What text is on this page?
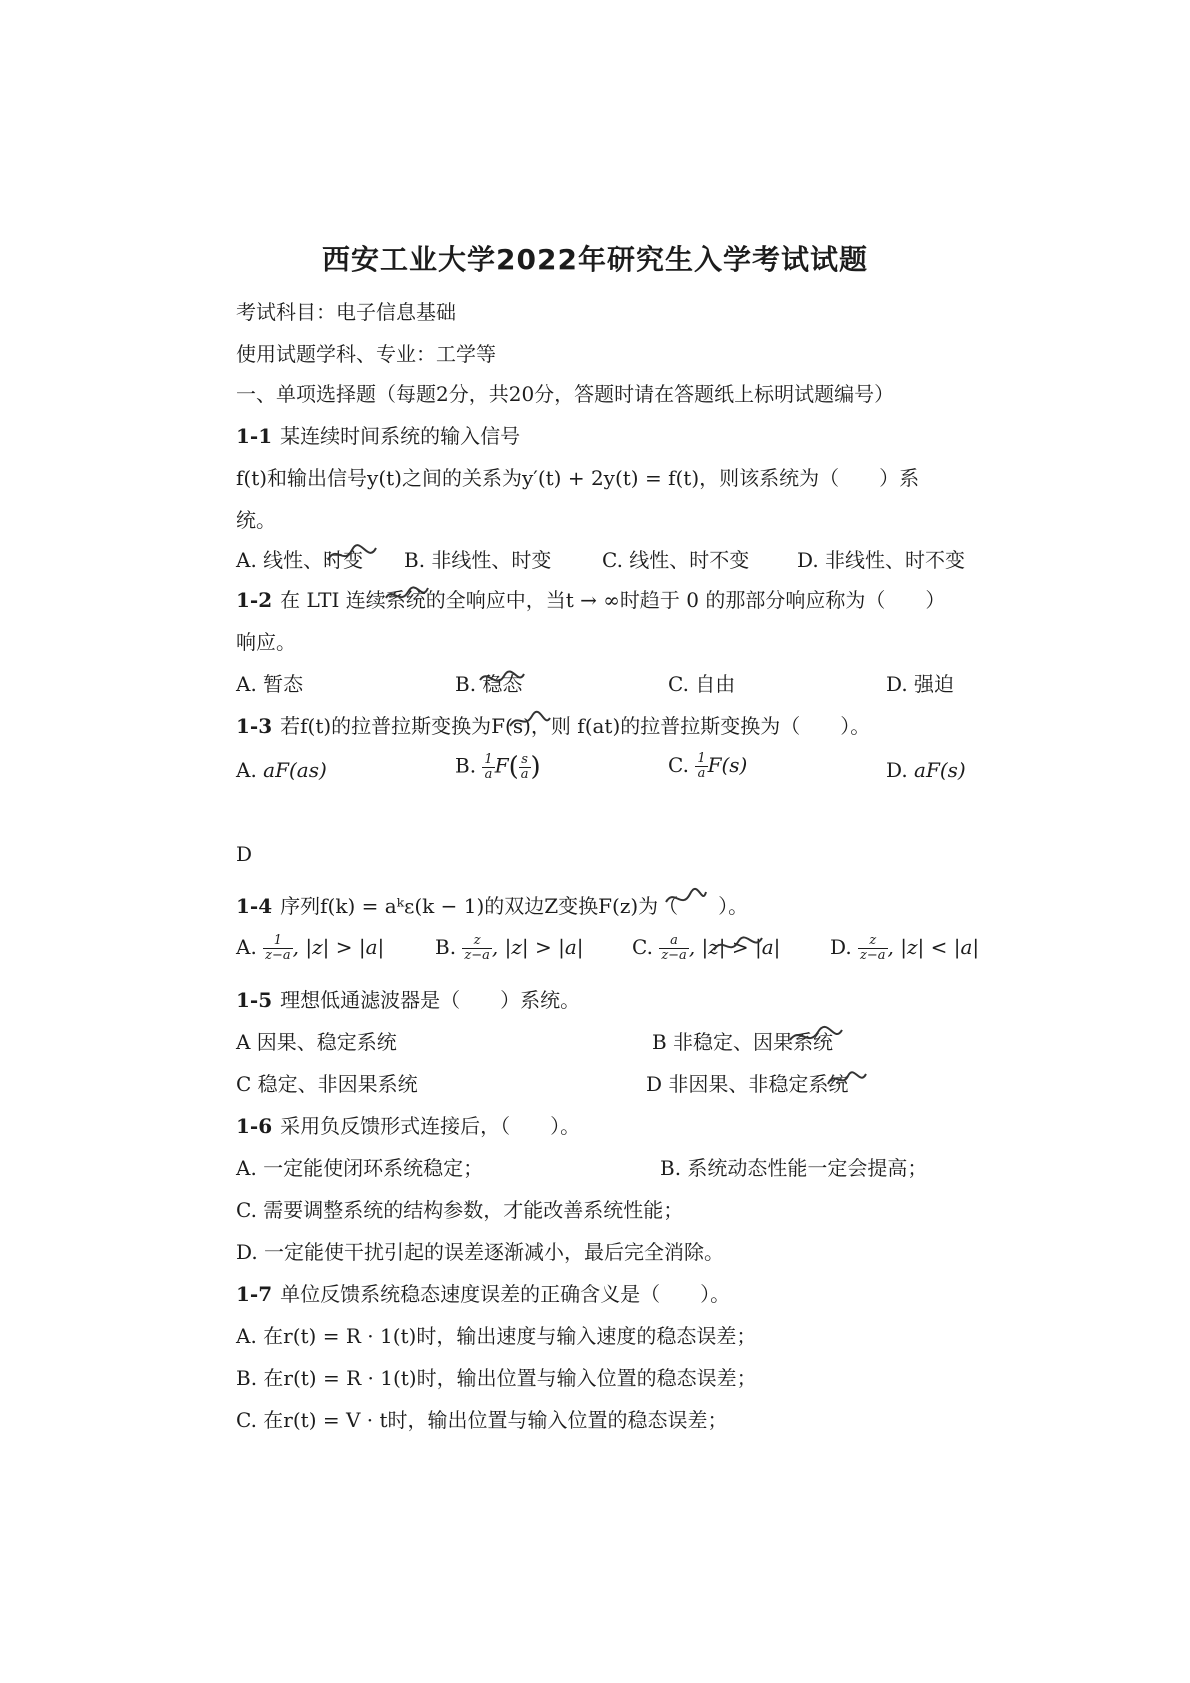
西安工业大学2022年研究生入学考试试题
考试科目：电子信息基础
使用试题学科、专业：工学等
一、单项选择题（每题2分，共20分，答题时请在答题纸上标明试题编号）
1-1 某连续时间系统的输入信号
f(t)和输出信号y(t)之间的关系为y′(t) + 2y(t) = f(t)，则该系统为（　　）系
统。
A. 线性、时变 B. 非线性、时变	C. 线性、时不变 D. 非线性、时不变
1-2 在 LTI 连续系统的全响应中，当t → ∞时趋于 0 的那部分响应称为（　　）
响应。
A. 暂态	B. 稳态	C. 自由	D. 强迫
1-3 若f(t)的拉普拉斯变换为F(s)，则 f(at)的拉普拉斯变换为（　　）。
A. aF(as)	B. $\frac{1}{a} F( \frac{s}{a}$ )	C. $\frac{1}{a} F(s)$	D. aF(s)
D
1-4 序列f(k) = aᵏε(k − 1)的双边Z变换F(z)为（　　）。
A. $\frac{1}{z-a}$ , |z| > |a|	B. $\frac{z}{z-a}$ , |z| > |a| C. $\frac{a}{z-a}$ , |z| > |a| D. $\frac{z}{z-a}$ , |z| < |a|
1-5 理想低通滤波器是（　　）系统。
A 因果、稳定系统	B 非稳定、因果系统
C 稳定、非因果系统	D 非因果、非稳定系统
1-6 采用负反馈形式连接后，（　　）。
A. 一定能使闭环系统稳定；	B. 系统动态性能一定会提高；
C. 需要调整系统的结构参数，才能改善系统性能；
D. 一定能使干扰引起的误差逐渐减小，最后完全消除。
1-7 单位反馈系统稳态速度误差的正确含义是（　　）。
A. 在r(t) = R · 1(t)时，输出速度与输入速度的稳态误差；
B. 在r(t) = R · 1(t)时，输出位置与输入位置的稳态误差；
C. 在r(t) = V · t时，输出位置与输入位置的稳态误差；
